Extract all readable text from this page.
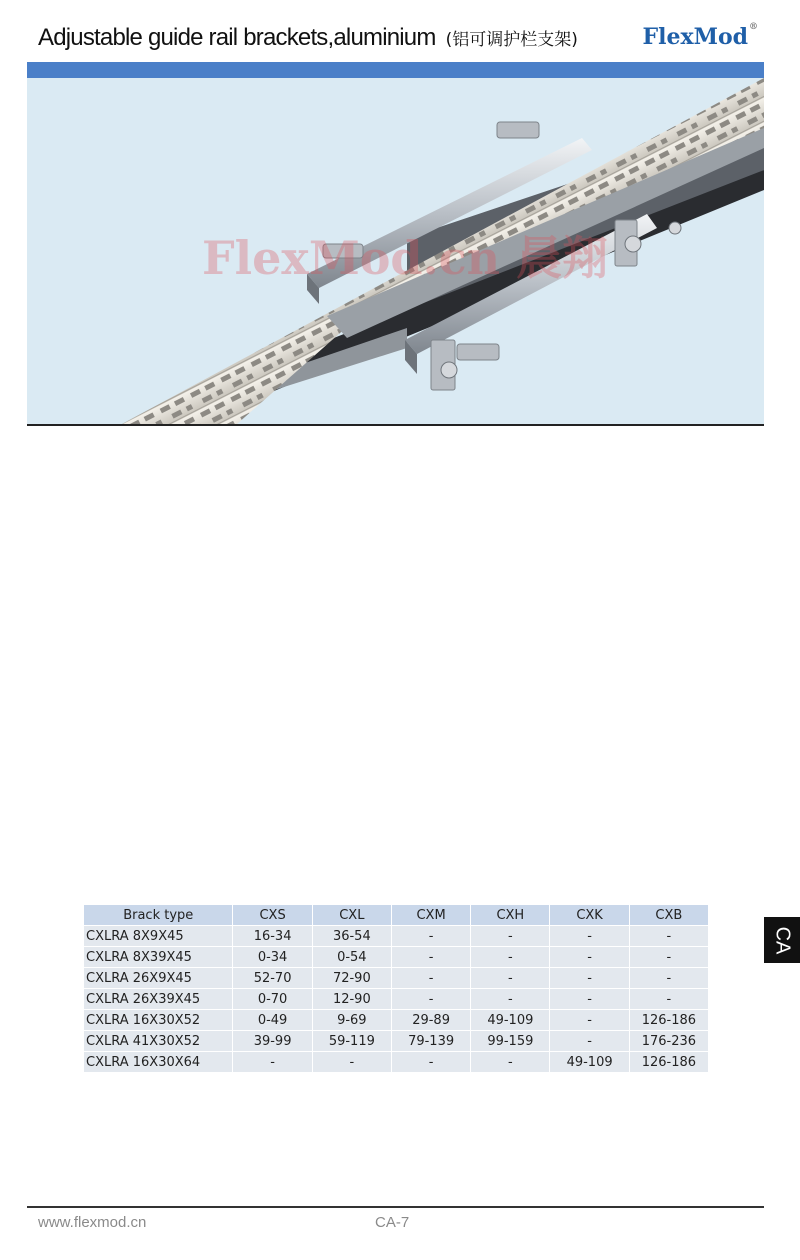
Adjustable guide rail brackets,aluminium (铝可调护栏支架)	FlexMod®
FlexMod.cn 晨翔
Brack type	CXS	CXL	CXM	CXH	CXK	CXB
CXLRA 8X9X45	16-34	36-54	-	-	-	-
CXLRA 8X39X45	0-34	0-54	-	-	-	-
CXLRA 26X9X45	52-70	72-90	-	-	-	-
CXLRA 26X39X45	0-70	12-90	-	-	-	-
CXLRA 16X30X52	0-49	9-69	29-89	49-109	-	126-186
CXLRA 41X30X52	39-99	59-119	79-139	99-159	-	176-236
CXLRA 16X30X64	-	-	-	-	49-109	126-186
CA
www.flexmod.cn	CA-7
